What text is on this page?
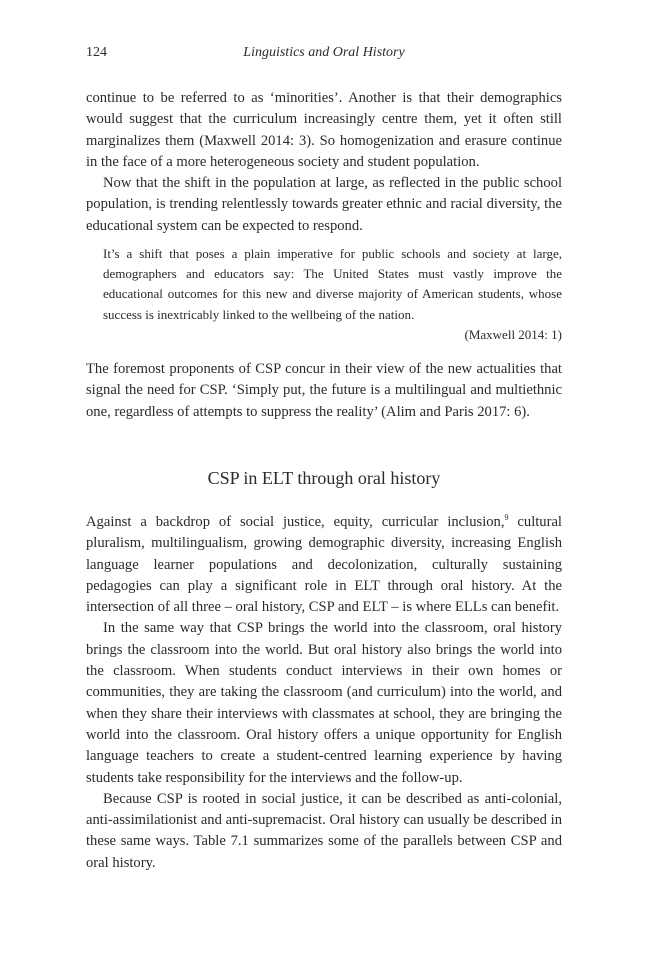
124	Linguistics and Oral History

continue to be referred to as ‘minorities’. Another is that their demographics would suggest that the curriculum increasingly centre them, yet it often still marginalizes them (Maxwell 2014: 3). So homogenization and erasure continue in the face of a more heterogeneous society and student population.

Now that the shift in the population at large, as reflected in the public school population, is trending relentlessly towards greater ethnic and racial diversity, the educational system can be expected to respond.

It’s a shift that poses a plain imperative for public schools and society at large, demographers and educators say: The United States must vastly improve the educational outcomes for this new and diverse majority of American students, whose success is inextricably linked to the wellbeing of the nation.

(Maxwell 2014: 1)

The foremost proponents of CSP concur in their view of the new actualities that signal the need for CSP. ‘Simply put, the future is a multilingual and multiethnic one, regardless of attempts to suppress the reality’ (Alim and Paris 2017: 6).

CSP in ELT through oral history

Against a backdrop of social justice, equity, curricular inclusion,$^9$ cultural pluralism, multilingualism, growing demographic diversity, increasing English language learner populations and decolonization, culturally sustaining pedagogies can play a significant role in ELT through oral history. At the intersection of all three – oral history, CSP and ELT – is where ELLs can benefit.

In the same way that CSP brings the world into the classroom, oral history brings the classroom into the world. But oral history also brings the world into the classroom. When students conduct interviews in their own homes or communities, they are taking the classroom (and curriculum) into the world, and when they share their interviews with classmates at school, they are bringing the world into the classroom. Oral history offers a unique opportunity for English language teachers to create a student-centred learning experience by having students take responsibility for the interviews and the follow-up.

Because CSP is rooted in social justice, it can be described as anti-colonial, anti-assimilationist and anti-supremacist. Oral history can usually be described in these same ways. Table 7.1 summarizes some of the parallels between CSP and oral history.
